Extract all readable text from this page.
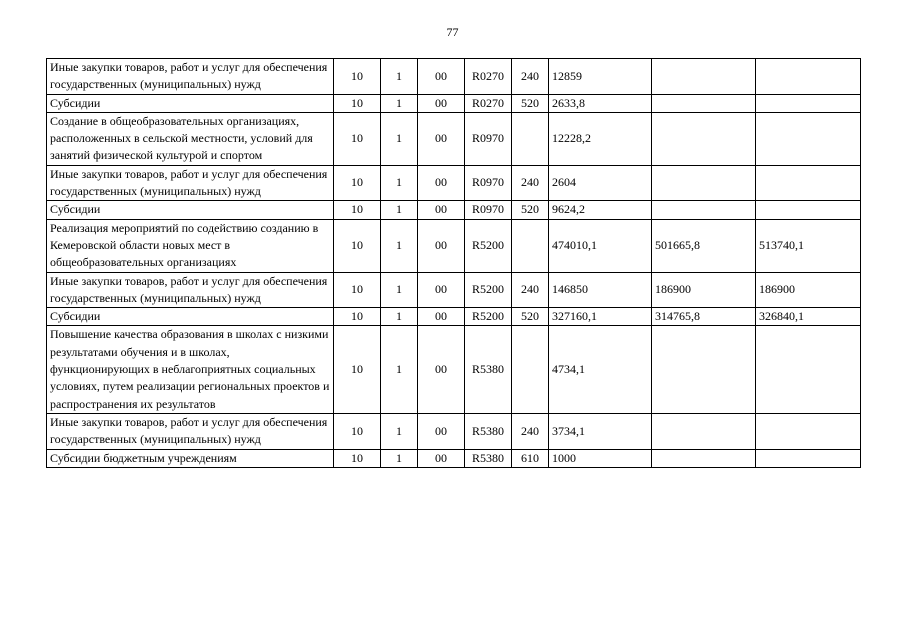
77
Иные закупки товаров, работ и услуг для обеспечения государственных (муниципальных) нужд	10	1	00	R0270	240	12859		
Субсидии	10	1	00	R0270	520	2633,8		
Создание в общеобразовательных организациях, расположенных в сельской местности, условий для занятий физической культурой и спортом	10	1	00	R0970		12228,2		
Иные закупки товаров, работ и услуг для обеспечения государственных (муниципальных) нужд	10	1	00	R0970	240	2604		
Субсидии	10	1	00	R0970	520	9624,2		
Реализация мероприятий по содействию созданию в Кемеровской области новых мест в общеобразовательных организациях	10	1	00	R5200		474010,1	501665,8	513740,1
Иные закупки товаров, работ и услуг для обеспечения государственных (муниципальных) нужд	10	1	00	R5200	240	146850	186900	186900
Субсидии	10	1	00	R5200	520	327160,1	314765,8	326840,1
Повышение качества образования в школах с низкими результатами обучения и в школах, функционирующих в неблагоприятных социальных условиях, путем реализации региональных проектов и распространения их результатов	10	1	00	R5380		4734,1		
Иные закупки товаров, работ и услуг для обеспечения государственных (муниципальных) нужд	10	1	00	R5380	240	3734,1		
Субсидии бюджетным учреждениям	10	1	00	R5380	610	1000		
